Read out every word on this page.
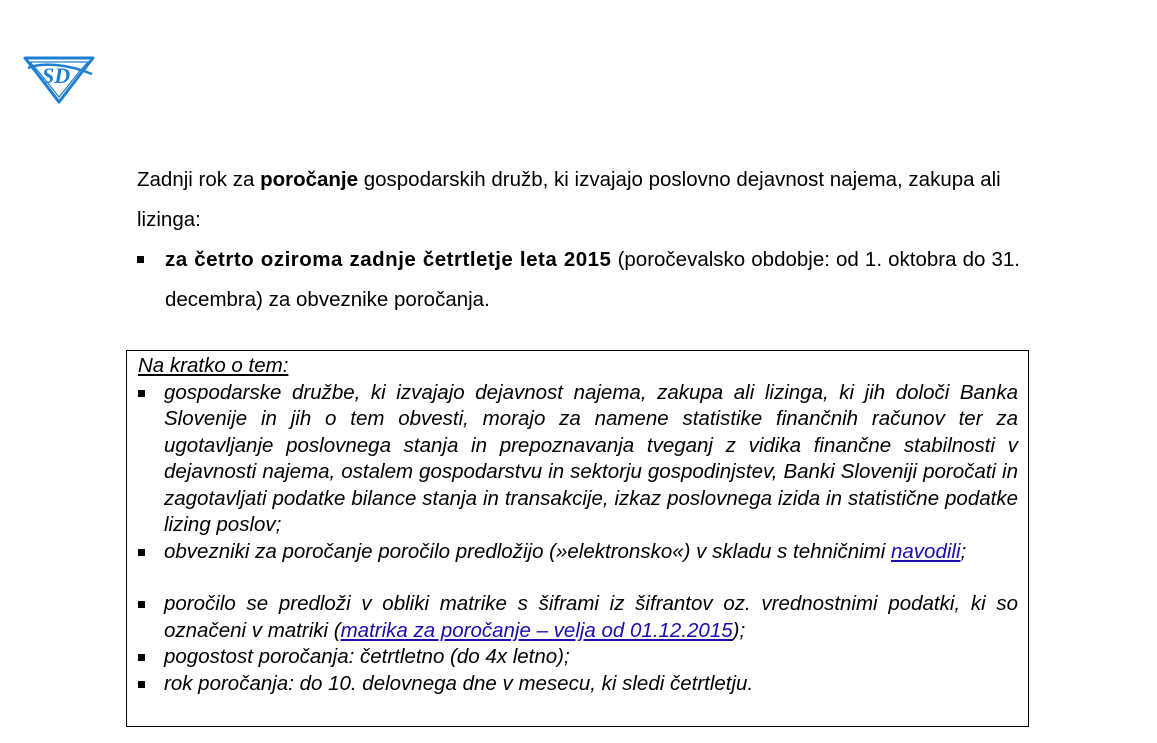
SD

Zadnji rok za poročanje gospodarskih družb, ki izvajajo poslovno dejavnost najema, zakupa ali lizinga:

za četrto oziroma zadnje četrtletje leta 2015 (poročevalsko obdobje: od 1. oktobra do 31. decembra) za obveznike poročanja.
Na kratko o tem:
gospodarske družbe, ki izvajajo dejavnost najema, zakupa ali lizinga, ki jih določi Banka Slovenije in jih o tem obvesti, morajo za namene statistike finančnih računov ter za ugotavljanje poslovnega stanja in prepoznavanja tveganj z vidika finančne stabilnosti v dejavnosti najema, ostalem gospodarstvu in sektorju gospodinjstev, Banki Sloveniji poročati in zagotavljati podatke bilance stanja in transakcije, izkaz poslovnega izida in statistične podatke lizing poslov;
obvezniki za poročanje poročilo predložijo (»elektronsko«) v skladu s tehničnimi navodili;
poročilo se predloži v obliki matrike s šiframi iz šifrantov oz. vrednostnimi podatki, ki so označeni v matriki (matrika za poročanje – velja od 01.12.2015);
pogostost poročanja: četrtletno (do 4x letno);
rok poročanja: do 10. delovnega dne v mesecu, ki sledi četrtletju.
